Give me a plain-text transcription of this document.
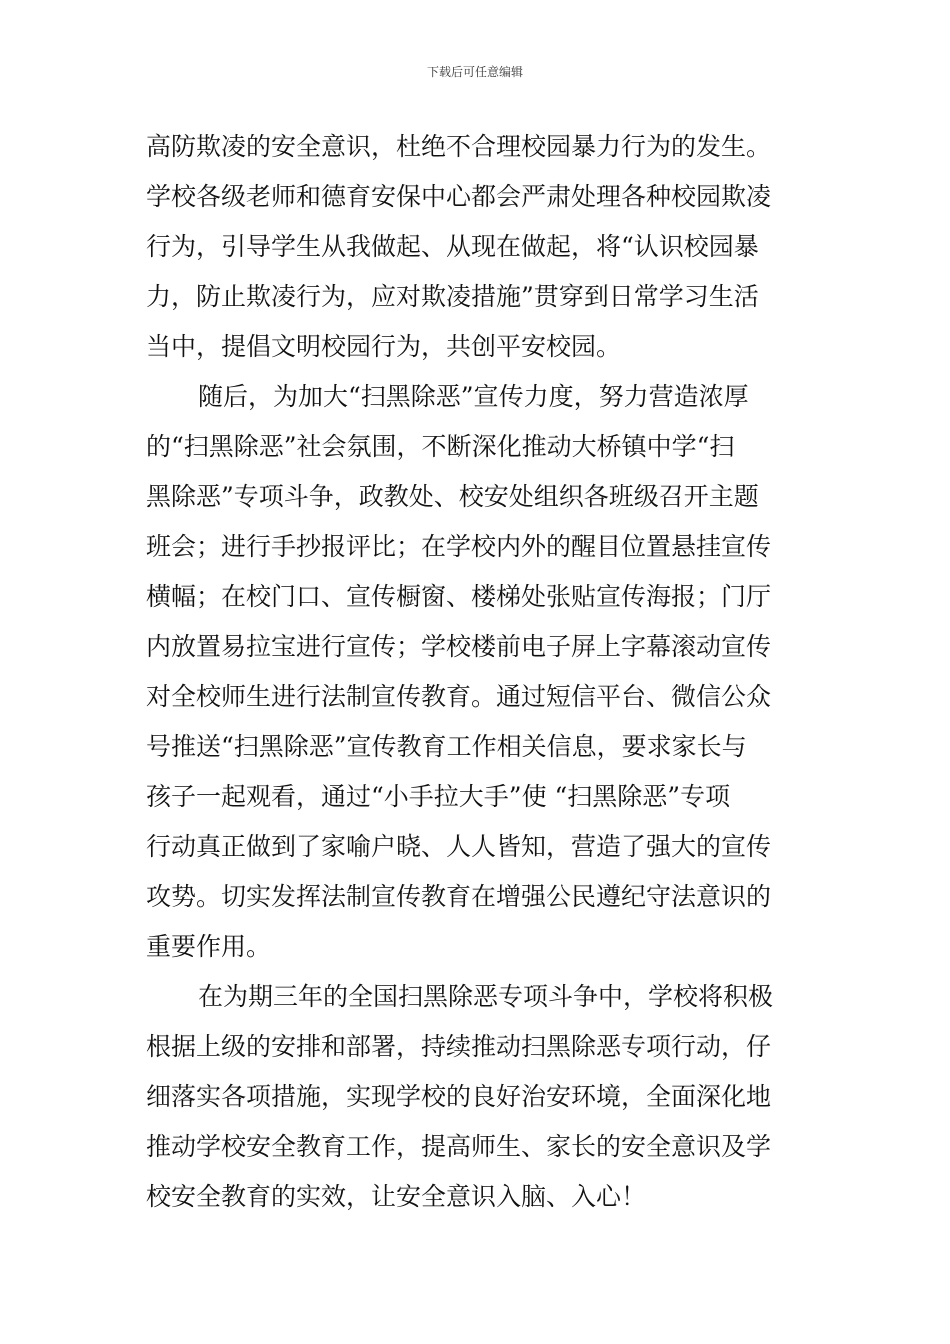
下载后可任意编辑
高防欺凌的安全意识，杜绝不合理校园暴力行为的发生。
学校各级老师和德育安保中心都会严肃处理各种校园欺凌
行为，引导学生从我做起、从现在做起，将“认识校园暴
力，防止欺凌行为，应对欺凌措施”贯穿到日常学习生活
当中，提倡文明校园行为，共创平安校园。
随后，为加大“扫黑除恶”宣传力度，努力营造浓厚
的“扫黑除恶”社会氛围，不断深化推动大桥镇中学“扫
黑除恶”专项斗争，政教处、校安处组织各班级召开主题
班会；进行手抄报评比；在学校内外的醒目位置悬挂宣传
横幅；在校门口、宣传橱窗、楼梯处张贴宣传海报；门厅
内放置易拉宝进行宣传；学校楼前电子屏上字幕滚动宣传
对全校师生进行法制宣传教育。通过短信平台、微信公众
号推送“扫黑除恶”宣传教育工作相关信息，要求家长与
孩子一起观看，通过“小手拉大手”使 “扫黑除恶”专项
行动真正做到了家喻户晓、人人皆知，营造了强大的宣传
攻势。切实发挥法制宣传教育在增强公民遵纪守法意识的
重要作用。
在为期三年的全国扫黑除恶专项斗争中，学校将积极
根据上级的安排和部署，持续推动扫黑除恶专项行动，仔
细落实各项措施，实现学校的良好治安环境，全面深化地
推动学校安全教育工作，提高师生、家长的安全意识及学
校安全教育的实效，让安全意识入脑、入心！
